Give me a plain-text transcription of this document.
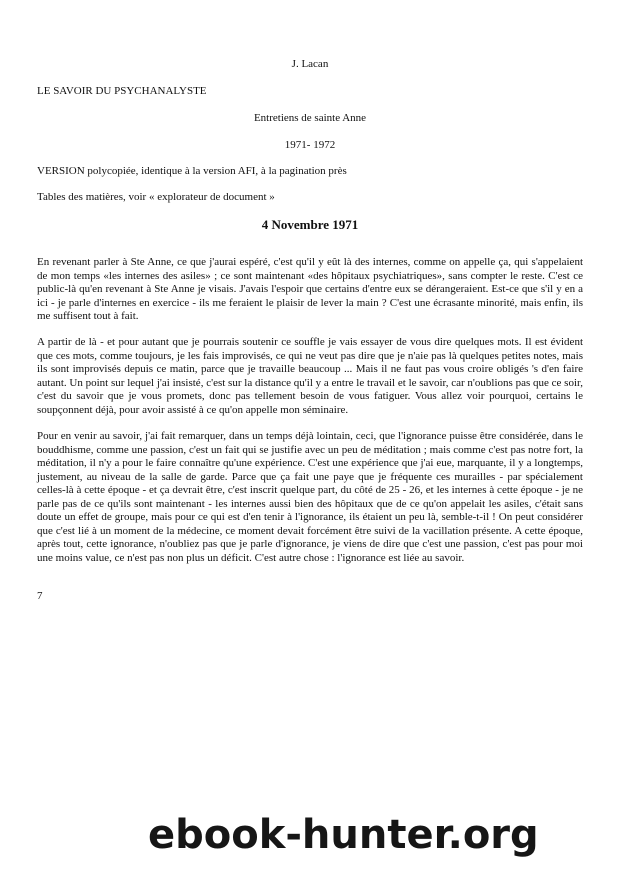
J. Lacan
LE SAVOIR DU PSYCHANALYSTE
Entretiens de sainte Anne
1971- 1972
VERSION polycopiée, identique à la version AFI, à la pagination près
Tables des matières, voir « explorateur de document »
4 Novembre 1971

En revenant parler à Ste Anne, ce que j'aurai espéré, c'est qu'il y eût là des internes, comme on appelle ça, qui s'appelaient de mon temps «les internes des asiles» ; ce sont maintenant «des hôpitaux psychiatriques», sans compter le reste. C'est ce public-là qu'en revenant à Ste Anne je visais. J'avais l'espoir que certains d'entre eux se dérangeraient. Est-ce que s'il y en a ici - je parle d'internes en exercice - ils me feraient le plaisir de lever la main ? C'est une écrasante minorité, mais enfin, ils me suffisent tout à fait.

A partir de là - et pour autant que je pourrais soutenir ce souffle je vais essayer de vous dire quelques mots. Il est évident que ces mots, comme toujours, je les fais improvisés, ce qui ne veut pas dire que je n'aie pas là quelques petites notes, mais ils sont improvisés depuis ce matin, parce que je travaille beaucoup ... Mais il ne faut pas vous croire obligés 's d'en faire autant. Un point sur lequel j'ai insisté, c'est sur la distance qu'il y a entre le travail et le savoir, car n'oublions pas que ce soir, c'est du savoir que je vous promets, donc pas tellement besoin de vous fatiguer. Vous allez voir pourquoi, certains le soupçonnent déjà, pour avoir assisté à ce qu'on appelle mon séminaire.

Pour en venir au savoir, j'ai fait remarquer, dans un temps déjà lointain, ceci, que l'ignorance puisse être considérée, dans le bouddhisme, comme une passion, c'est un fait qui se justifie avec un peu de méditation ; mais comme c'est pas notre fort, la méditation, il n'y a pour le faire connaître qu'une expérience. C'est une expérience que j'ai eue, marquante, il y a longtemps, justement, au niveau de la salle de garde. Parce que ça fait une paye que je fréquente ces murailles - par spécialement celles-là à cette époque - et ça devrait être, c'est inscrit quelque part, du côté de 25 - 26, et les internes à cette époque - je ne parle pas de ce qu'ils sont maintenant - les internes aussi bien des hôpitaux que de ce qu'on appelait les asiles, c'était sans doute un effet de groupe, mais pour ce qui est d'en tenir à l'ignorance, ils étaient un peu là, semble-t-il ! On peut considérer que c'est lié à un moment de la médecine, ce moment devait forcément être suivi de la vacillation présente. A cette époque, après tout, cette ignorance, n'oubliez pas que je parle d'ignorance, je viens de dire que c'est une passion, c'est pas pour moi une moins value, ce n'est pas non plus un déficit. C'est autre chose : l'ignorance est liée au savoir.

7
ebook-hunter.org
